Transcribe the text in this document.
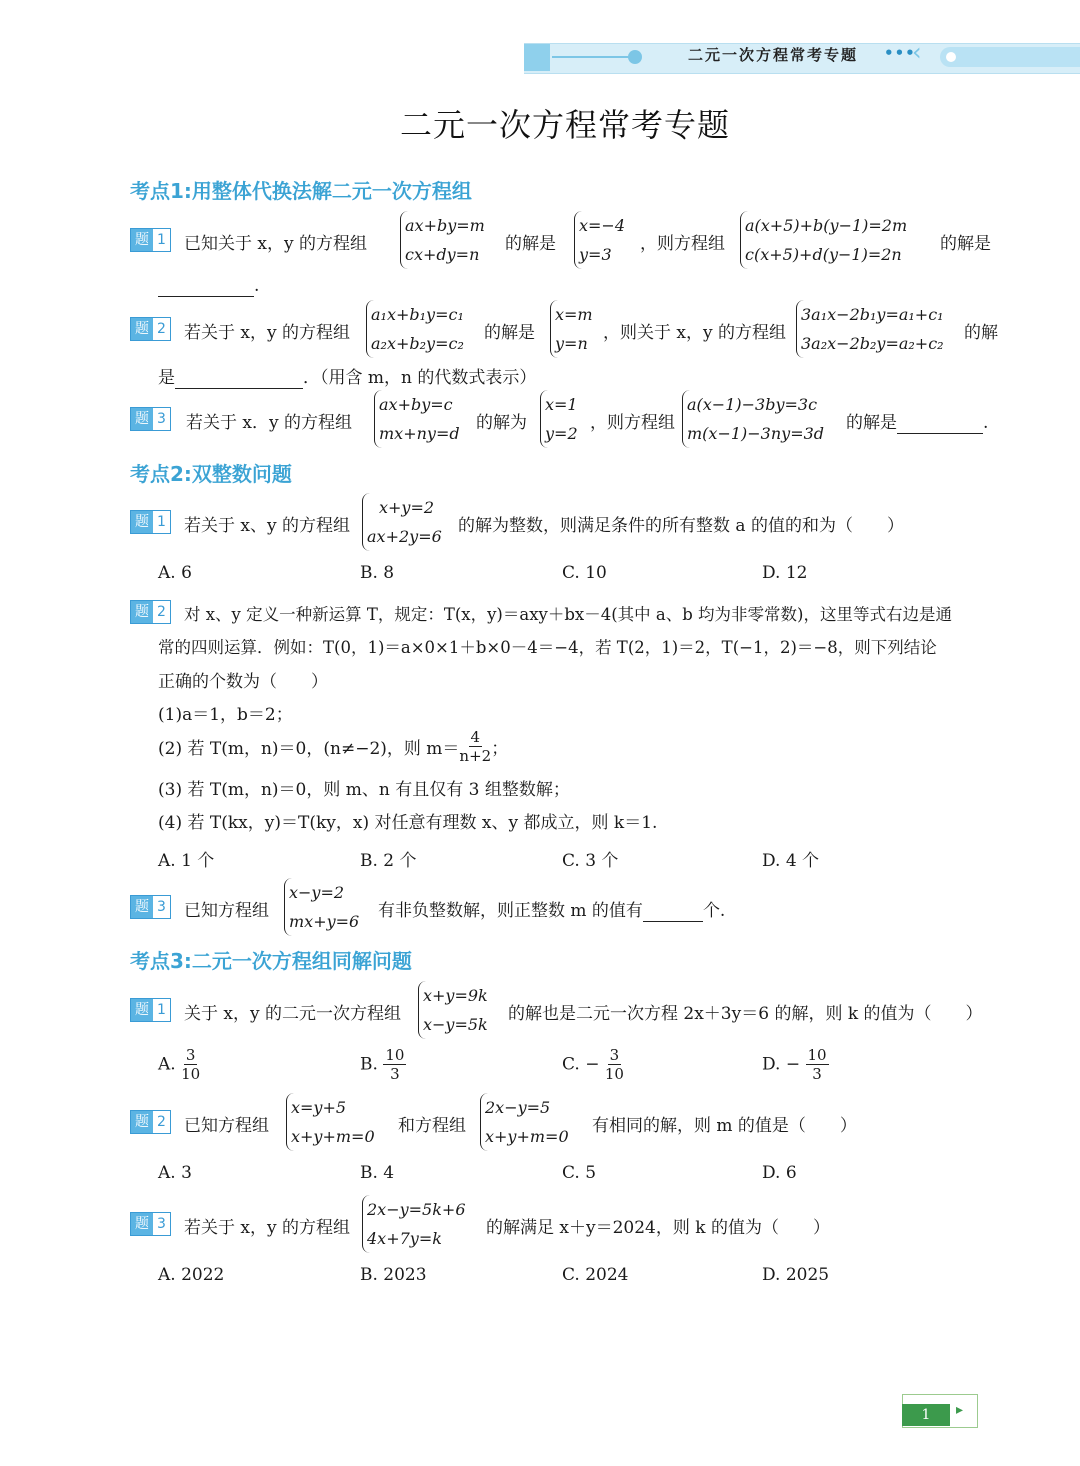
二元一次方程常考专题 •••
‹
二元一次方程常考专题
考点1:用整体代换法解二元一次方程组
题 1 已知关于 x，y 的方程组
ax+by=m
cx+dy=n
的解是
x=−4
y=3
，则方程组
a(x+5)+b(y−1)=2m
c(x+5)+d(y−1)=2n
的解是
.
题 2 若关于 x，y 的方程组
a₁x+b₁y=c₁
a₂x+b₂y=c₂
的解是
x=m
y=n
，则关于 x，y 的方程组
3a₁x−2b₁y=a₁+c₁
3a₂x−2b₂y=a₂+c₂
的解
是	．（用含 m，n 的代数式表示）
题 3 若关于 x．y 的方程组
ax+by=c
mx+ny=d
的解为
x=1
y=2
，则方程组
a(x−1)−3by=3c
m(x−1)−3ny=3d
的解是	.
考点2:双整数问题
题 1 若关于 x、y 的方程组
x+y=2
ax+2y=6
的解为整数，则满足条件的所有整数 a 的值的和为（　　）
A. 6	B. 8	C. 10	D. 12
题 2 对 x、y 定义一种新运算 T，规定：T(x，y)＝axy＋bx－4(其中 a、b 均为非零常数)，这里等式右边是通
常的四则运算．例如：T(0，1)＝a×0×1＋b×0－4＝−4，若 T(2，1)＝2，T(−1，2)＝−8，则下列结论
正确的个数为（　　）
(1)a＝1，b＝2；
(2) 若 T(m，n)＝0，(n≠−2)，则 $m= \frac{4}{n+2}$ ；
(3) 若 T(m，n)＝0，则 m、n 有且仅有 3 组整数解；
(4) 若 T(kx，y)＝T(ky，x) 对任意有理数 x、y 都成立，则 k＝1.
A. 1 个	B. 2 个	C. 3 个	D. 4 个
题 3 已知方程组
x−y=2
mx+y=6
有非负整数解，则正整数 m 的值有	个.
考点3:二元一次方程组同解问题
题 1 关于 x，y 的二元一次方程组
x+y=9k
x−y=5k
的解也是二元一次方程 2x＋3y＝6 的解，则 k 的值为（　　）
A. $\frac{3}{10}$	B. $\frac{10}{3}$	C. − $\frac{3}{10}$	D. − $\frac{10}{3}$
题 2 已知方程组
x=y+5
x+y+m=0
和方程组
2x−y=5
x+y+m=0
有相同的解，则 m 的值是（　　）
A. 3	B. 4	C. 5	D. 6
题 3 若关于 x，y 的方程组
2x−y=5k+6
4x+7y=k
的解满足 x＋y＝2024，则 k 的值为（　　）
A. 2022	B. 2023	C. 2024	D. 2025
1	▸
